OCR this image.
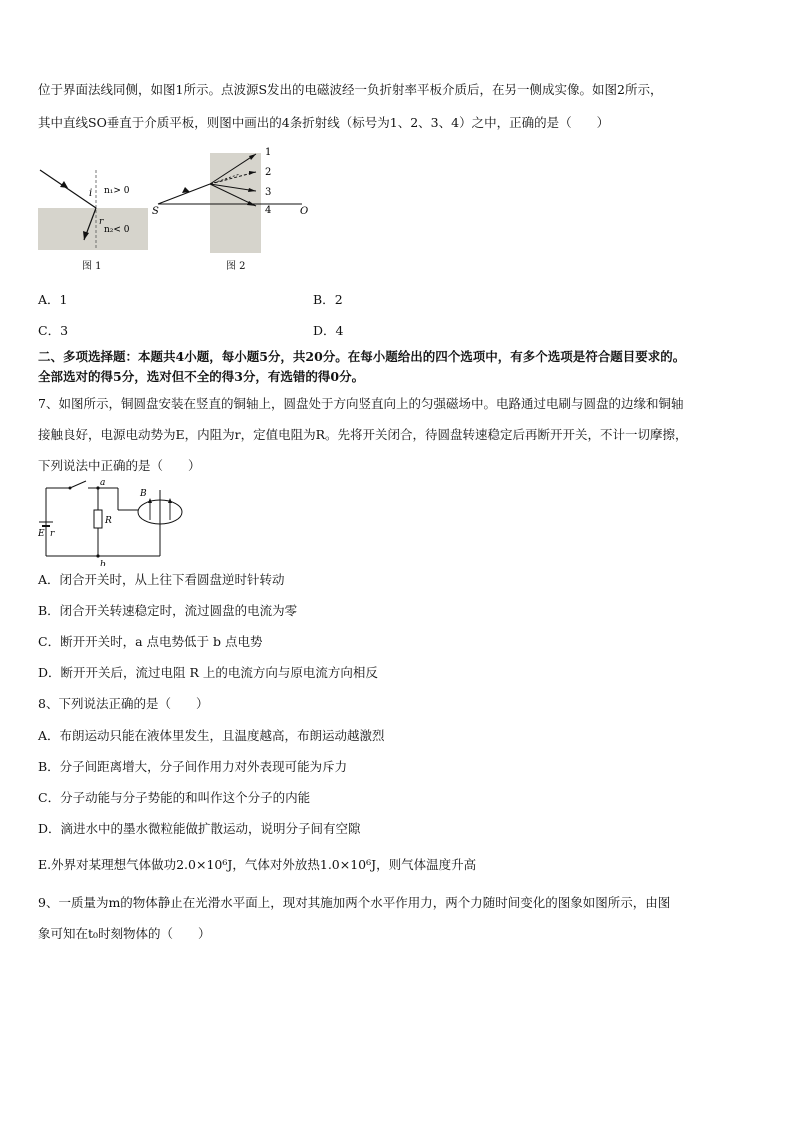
位于界面法线同侧，如图1所示。点波源S发出的电磁波经一负折射率平板介质后，在另一侧成实像。如图2所示，
其中直线SO垂直于介质平板，则图中画出的4条折射线（标号为1、2、3、4）之中，正确的是（　　）
i
r
n₁> 0
n₂< 0
图 1
1
2
3
4
S	O
图 2
A．1	B．2
C．3	D．4
二、多项选择题：本题共4小题，每小题5分，共20分。在每小题给出的四个选项中，有多个选项是符合题目要求的。
全部选对的得5分，选对但不全的得3分，有选错的得0分。
7、如图所示，铜圆盘安装在竖直的铜轴上，圆盘处于方向竖直向上的匀强磁场中。电路通过电刷与圆盘的边缘和铜轴
接触良好，电源电动势为E，内阻为r，定值电阻为R。先将开关闭合，待圆盘转速稳定后再断开开关，不计一切摩擦，
下列说法中正确的是（　　）
a
b
R
E r
B
A．闭合开关时，从上往下看圆盘逆时针转动
B．闭合开关转速稳定时，流过圆盘的电流为零
C．断开开关时，a 点电势低于 b 点电势
D．断开开关后，流过电阻 R 上的电流方向与原电流方向相反
8、下列说法正确的是（　　）
A．布朗运动只能在液体里发生，且温度越高，布朗运动越激烈
B．分子间距离增大，分子间作用力对外表现可能为斥力
C．分子动能与分子势能的和叫作这个分子的内能
D．滴进水中的墨水微粒能做扩散运动，说明分子间有空隙
E.外界对某理想气体做功2.0×10⁶J，气体对外放热1.0×10⁶J，则气体温度升高
9、一质量为m的物体静止在光滑水平面上，现对其施加两个水平作用力，两个力随时间变化的图象如图所示，由图
象可知在t₀时刻物体的（　　）
